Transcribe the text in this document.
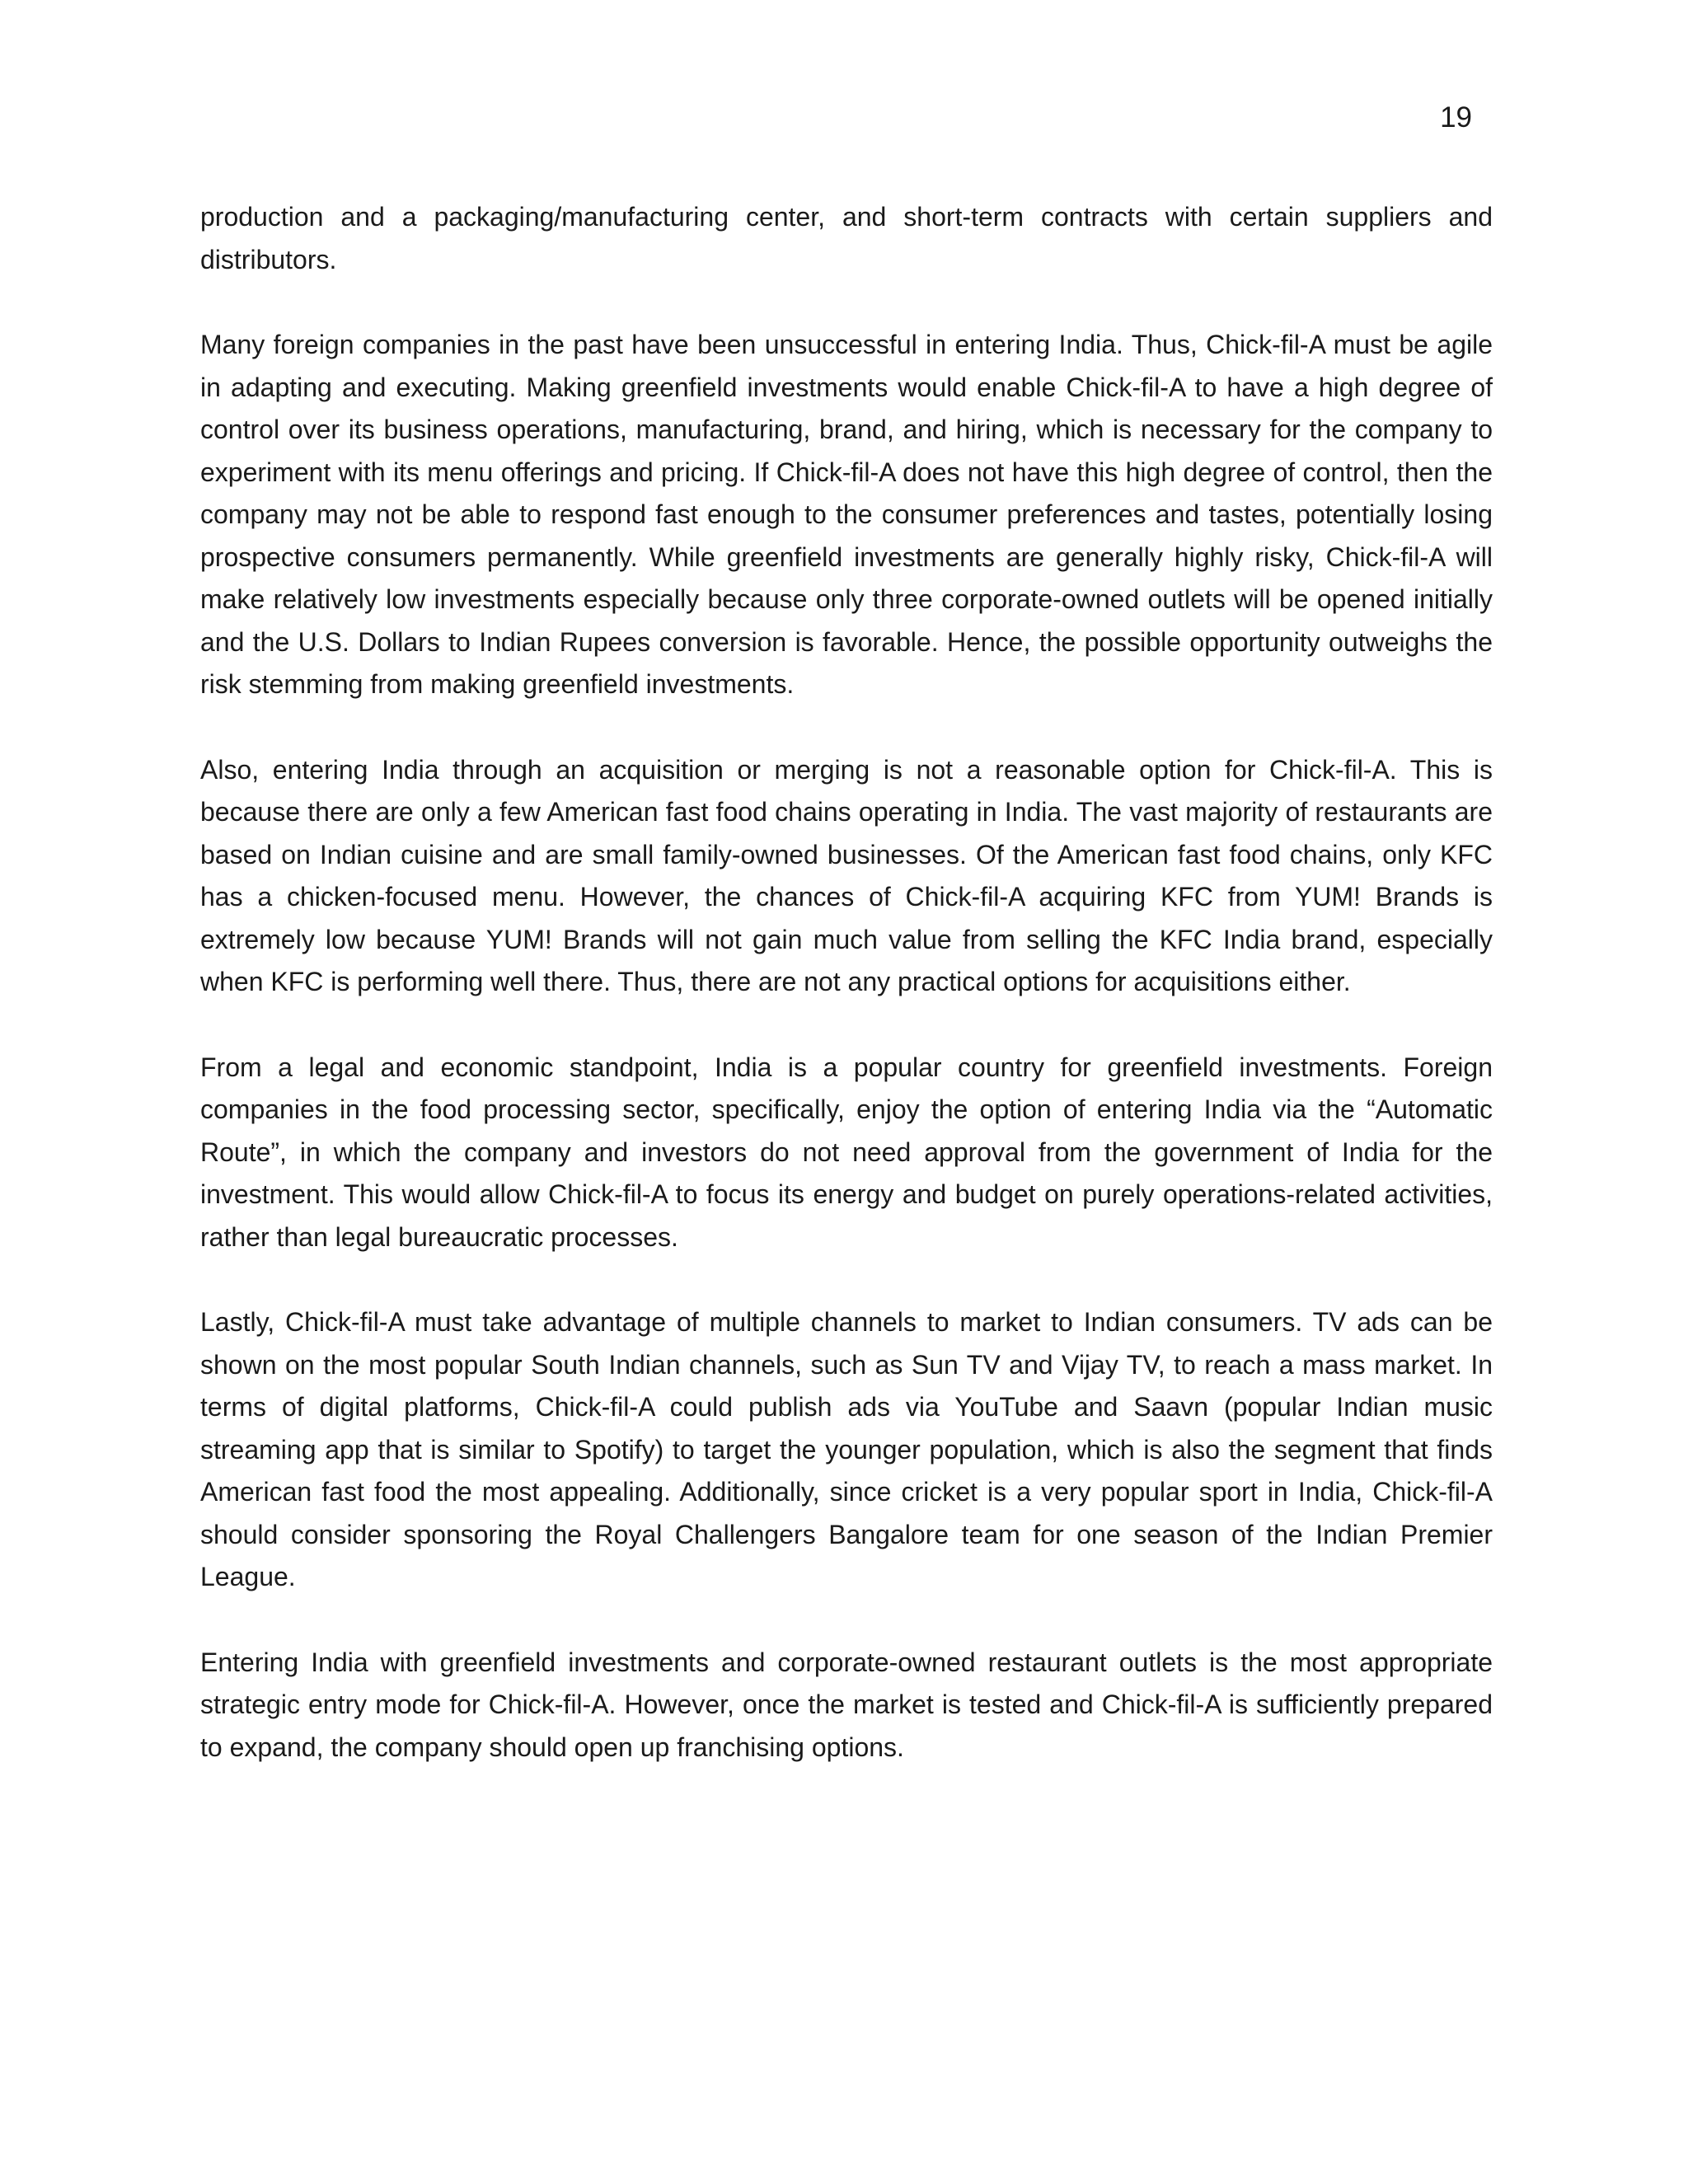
19

production and a packaging/manufacturing center, and short-term contracts with certain suppliers and distributors.

Many foreign companies in the past have been unsuccessful in entering India. Thus, Chick-fil-A must be agile in adapting and executing. Making greenfield investments would enable Chick-fil-A to have a high degree of control over its business operations, manufacturing, brand, and hiring, which is necessary for the company to experiment with its menu offerings and pricing. If Chick-fil-A does not have this high degree of control, then the company may not be able to respond fast enough to the consumer preferences and tastes, potentially losing prospective consumers permanently. While greenfield investments are generally highly risky, Chick-fil-A will make relatively low investments especially because only three corporate-owned outlets will be opened initially and the U.S. Dollars to Indian Rupees conversion is favorable. Hence, the possible opportunity outweighs the risk stemming from making greenfield investments.

Also, entering India through an acquisition or merging is not a reasonable option for Chick-fil-A. This is because there are only a few American fast food chains operating in India. The vast majority of restaurants are based on Indian cuisine and are small family-owned businesses. Of the American fast food chains, only KFC has a chicken-focused menu. However, the chances of Chick-fil-A acquiring KFC from YUM! Brands is extremely low because YUM! Brands will not gain much value from selling the KFC India brand, especially when KFC is performing well there. Thus, there are not any practical options for acquisitions either.

From a legal and economic standpoint, India is a popular country for greenfield investments. Foreign companies in the food processing sector, specifically, enjoy the option of entering India via the “Automatic Route”, in which the company and investors do not need approval from the government of India for the investment. This would allow Chick-fil-A to focus its energy and budget on purely operations-related activities, rather than legal bureaucratic processes.

Lastly, Chick-fil-A must take advantage of multiple channels to market to Indian consumers. TV ads can be shown on the most popular South Indian channels, such as Sun TV and Vijay TV, to reach a mass market. In terms of digital platforms, Chick-fil-A could publish ads via YouTube and Saavn (popular Indian music streaming app that is similar to Spotify) to target the younger population, which is also the segment that finds American fast food the most appealing. Additionally, since cricket is a very popular sport in India, Chick-fil-A should consider sponsoring the Royal Challengers Bangalore team for one season of the Indian Premier League.

Entering India with greenfield investments and corporate-owned restaurant outlets is the most appropriate strategic entry mode for Chick-fil-A. However, once the market is tested and Chick-fil-A is sufficiently prepared to expand, the company should open up franchising options.
